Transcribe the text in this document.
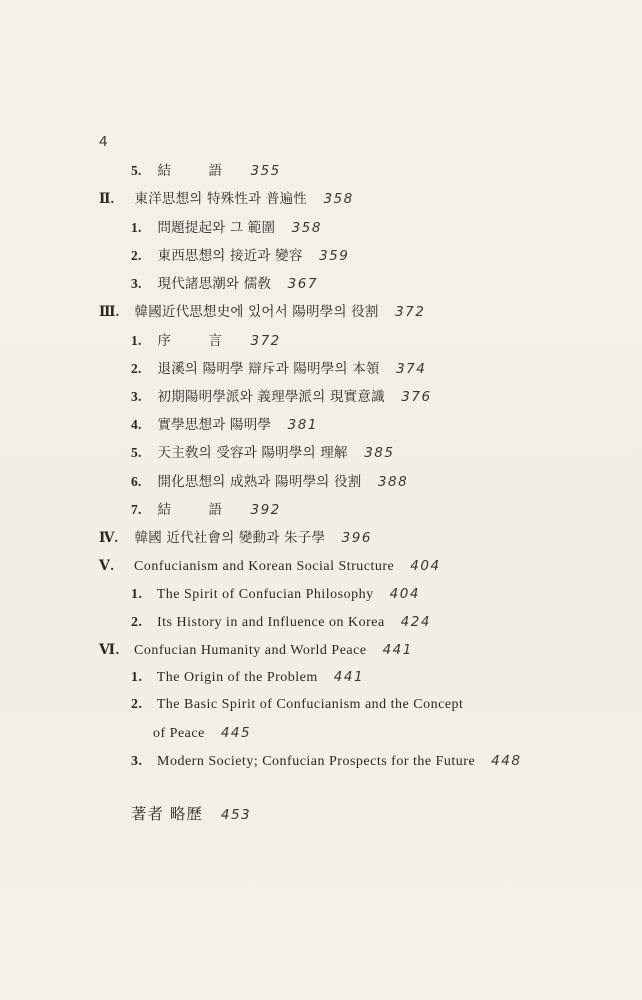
4
5. 結　語 355
Ⅱ. 東洋思想의 特殊性과 普遍性 358
1. 問題提起와 그 範圍 358
2. 東西思想의 接近과 變容 359
3. 現代諸思潮와 儒敎 367
Ⅲ. 韓國近代思想史에 있어서 陽明學의 役割 372
1. 序　言 372
2. 退溪의 陽明學 辯斥과 陽明學의 本領 374
3. 初期陽明學派와 義理學派의 現實意識 376
4. 實學思想과 陽明學 381
5. 天主敎의 受容과 陽明學의 理解 385
6. 開化思想의 成熟과 陽明學의 役割 388
7. 結　語 392
Ⅳ. 韓國 近代社會의 變動과 朱子學 396
Ⅴ. Confucianism and Korean Social Structure 404
1. The Spirit of Confucian Philosophy 404
2. Its History in and Influence on Korea 424
Ⅵ. Confucian Humanity and World Peace 441
1. The Origin of the Problem 441
2. The Basic Spirit of Confucianism and the Concept
of Peace 445
3. Modern Society; Confucian Prospects for the Future 448
著者 略歷 453
